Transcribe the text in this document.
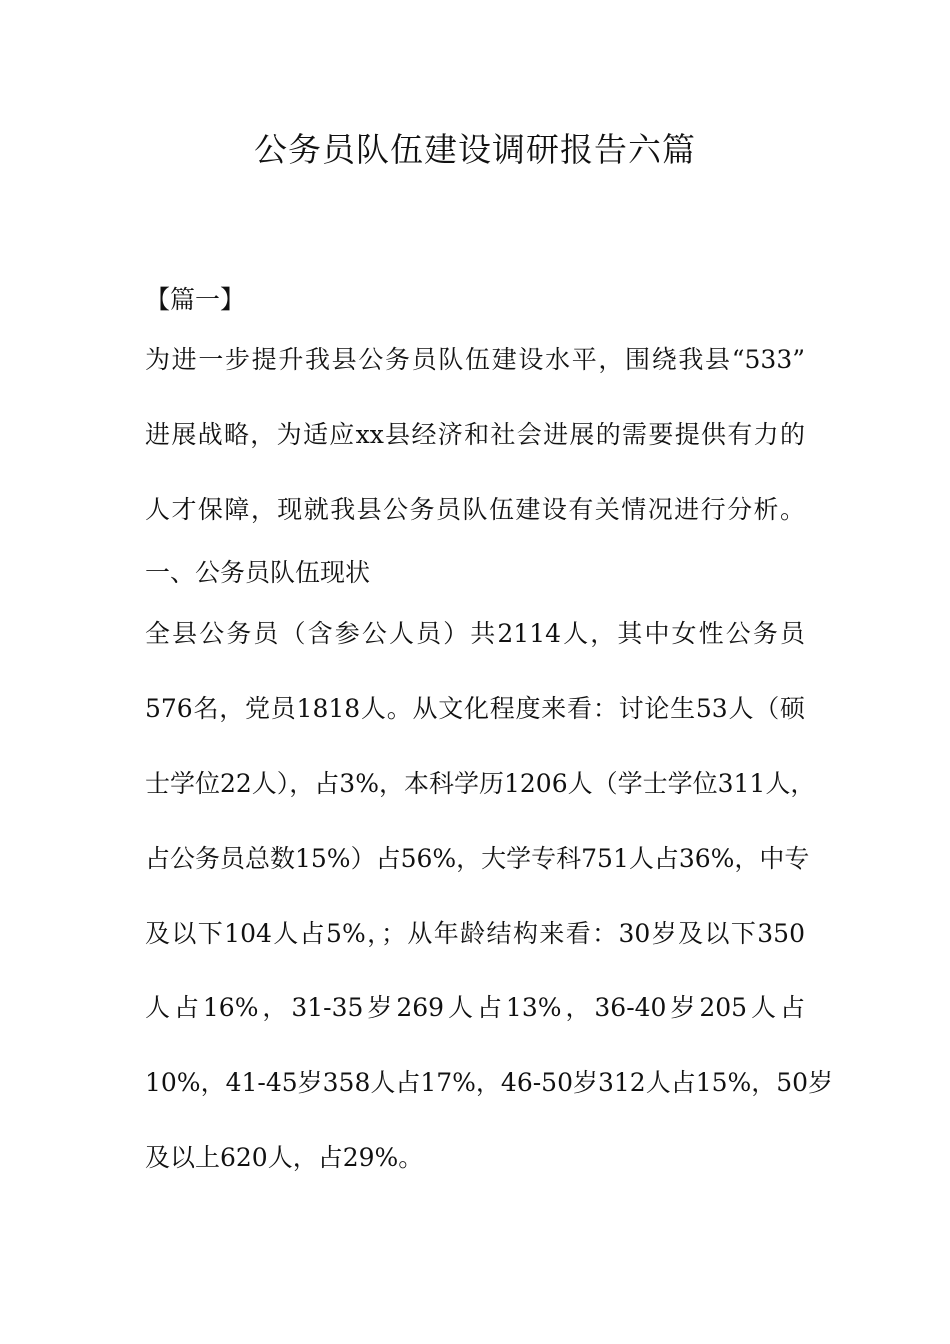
公务员队伍建设调研报告六篇
【篇一】
为进一步提升我县公务员队伍建设水平，围绕我县“533”
进展战略，为适应xx县经济和社会进展的需要提供有力的
人才保障，现就我县公务员队伍建设有关情况进行分析。
一、公务员队伍现状
全县公务员（含参公人员）共2114人，其中女性公务员
576名，党员1818人。从文化程度来看：讨论生53人（硕
士学位22人），占3%，本科学历1206人（学士学位311人，
占公务员总数15%）占56%，大学专科751人占36%，中专
及以下104人占5%，；从年龄结构来看：30岁及以下350
人占16%，31-35岁269人占13%，36-40岁205人占
10%，41-45岁358人占17%，46-50岁312人占15%，50岁
及以上620人，占29%。
